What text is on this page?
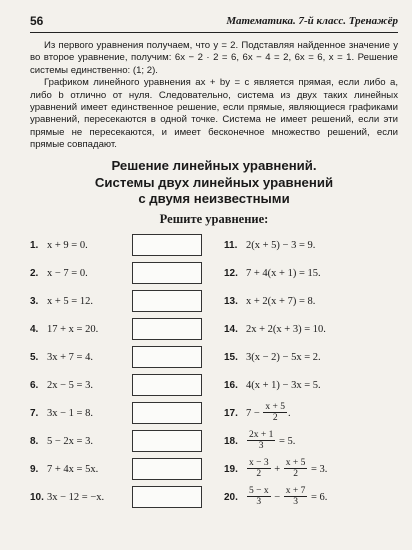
56	Математика. 7-й класс. Тренажёр

Из первого уравнения получаем, что y = 2. Подставляя найденное значение y во второе уравнение, получим: 6x − 2 · 2 = 6, 6x − 4 = 2, 6x = 6, x = 1. Решение системы единственно: (1; 2).

Графиком линейного уравнения ax + by = c является прямая, если либо a, либо b отлично от нуля. Следовательно, система из двух таких линейных уравнений имеет единственное решение, если прямые, являющиеся графиками уравнений, пересекаются в одной точке. Система не имеет решений, если эти прямые не пересекаются, и имеет бесконечное множество решений, если прямые совпадают.

Решение линейных уравнений.
Системы двух линейных уравнений
с двумя неизвестными
Решите уравнение:
1. x + 9 = 0.
2. x − 7 = 0.
3. x + 5 = 12.
4. 17 + x = 20.
5. 3x + 7 = 4.
6. 2x − 5 = 3.
7. 3x − 1 = 8.
8. 5 − 2x = 3.
9. 7 + 4x = 5x.
10. 3x − 12 = −x.
11. 2(x + 5) − 3 = 9.
12. 7 + 4(x + 1) = 15.
13. x + 2(x + 7) = 8.
14. 2x + 2(x + 3) = 10.
15. 3(x − 2) − 5x = 2.
16. 4(x + 1) − 3x = 5.
17. $7 - \frac{x + 5}{2}$ .
18. $\frac{2x + 1}{3} = 5$.
19. $\frac{x - 3}{2} + \frac{x + 5}{2} = 3$.
20. $\frac{5 - x}{3} - \frac{x + 7}{3} = 6$.
